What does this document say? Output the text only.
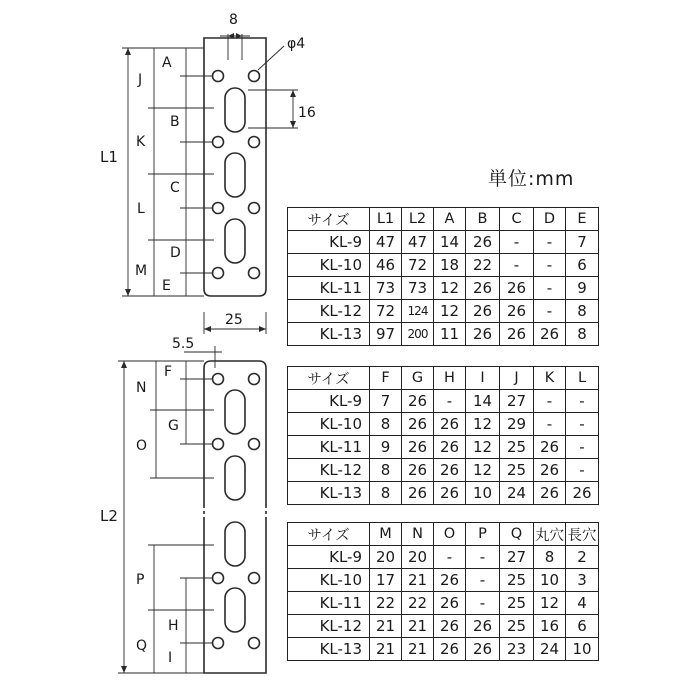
8
φ4
16
25
5.5
L1
L2
A
B
C
D
E
F
G
H
I
J
K
L
M
N
O
P
Q
単位:mm
サイズ	L1	L2	A	B	C	D	E
KL-9	47	47	14	26	-	-	7
KL-10	46	72	18	22	-	-	6
KL-11	73	73	12	26	26	-	9
KL-12	72	124	12	26	26	-	8
KL-13	97	200	11	26	26	26	8
サイズ	F	G	H	I	J	K	L
KL-9	7	26	-	14	27	-	-
KL-10	8	26	26	12	29	-	-
KL-11	9	26	26	12	25	26	-
KL-12	8	26	26	12	25	26	-
KL-13	8	26	26	10	24	26	26
サイズ	M	N	O	P	Q	丸穴	長穴
KL-9	20	20	-	-	27	8	2
KL-10	17	21	26	-	25	10	3
KL-11	22	22	26	-	25	12	4
KL-12	21	21	26	26	25	16	6
KL-13	21	21	26	26	23	24	10
